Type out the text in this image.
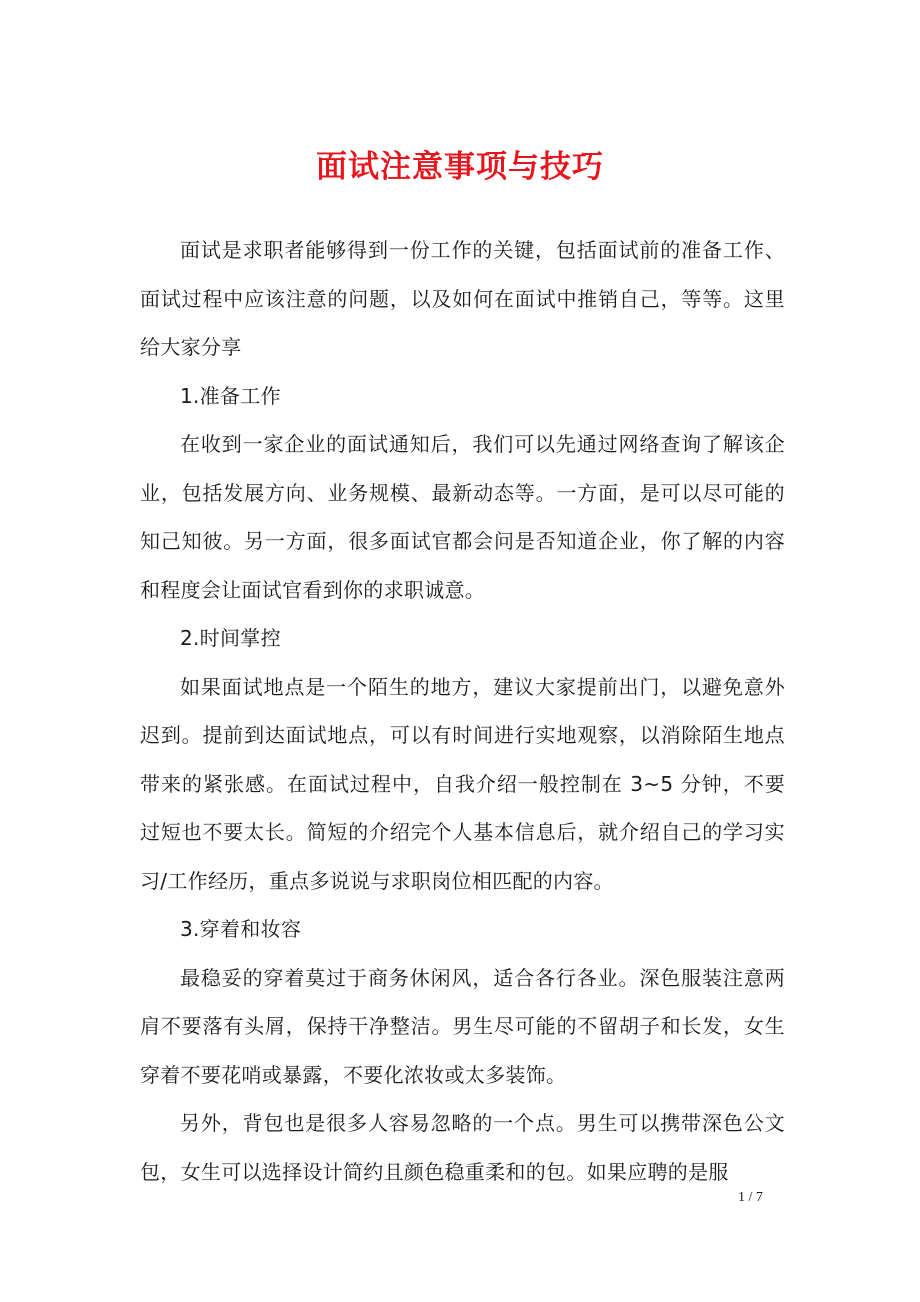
面试注意事项与技巧

面试是求职者能够得到一份工作的关键，包括面试前的准备工作、面试过程中应该注意的问题，以及如何在面试中推销自己，等等。这里给大家分享

1.准备工作

在收到一家企业的面试通知后，我们可以先通过网络查询了解该企业，包括发展方向、业务规模、最新动态等。一方面，是可以尽可能的知己知彼。另一方面，很多面试官都会问是否知道企业，你了解的内容和程度会让面试官看到你的求职诚意。

2.时间掌控

如果面试地点是一个陌生的地方，建议大家提前出门，以避免意外迟到。提前到达面试地点，可以有时间进行实地观察，以消除陌生地点带来的紧张感。在面试过程中，自我介绍一般控制在 3~5 分钟，不要过短也不要太长。简短的介绍完个人基本信息后，就介绍自己的学习实习/工作经历，重点多说说与求职岗位相匹配的内容。

3.穿着和妆容

最稳妥的穿着莫过于商务休闲风，适合各行各业。深色服装注意两肩不要落有头屑，保持干净整洁。男生尽可能的不留胡子和长发，女生穿着不要花哨或暴露，不要化浓妆或太多装饰。

另外，背包也是很多人容易忽略的一个点。男生可以携带深色公文包，女生可以选择设计简约且颜色稳重柔和的包。如果应聘的是服

1 / 7
